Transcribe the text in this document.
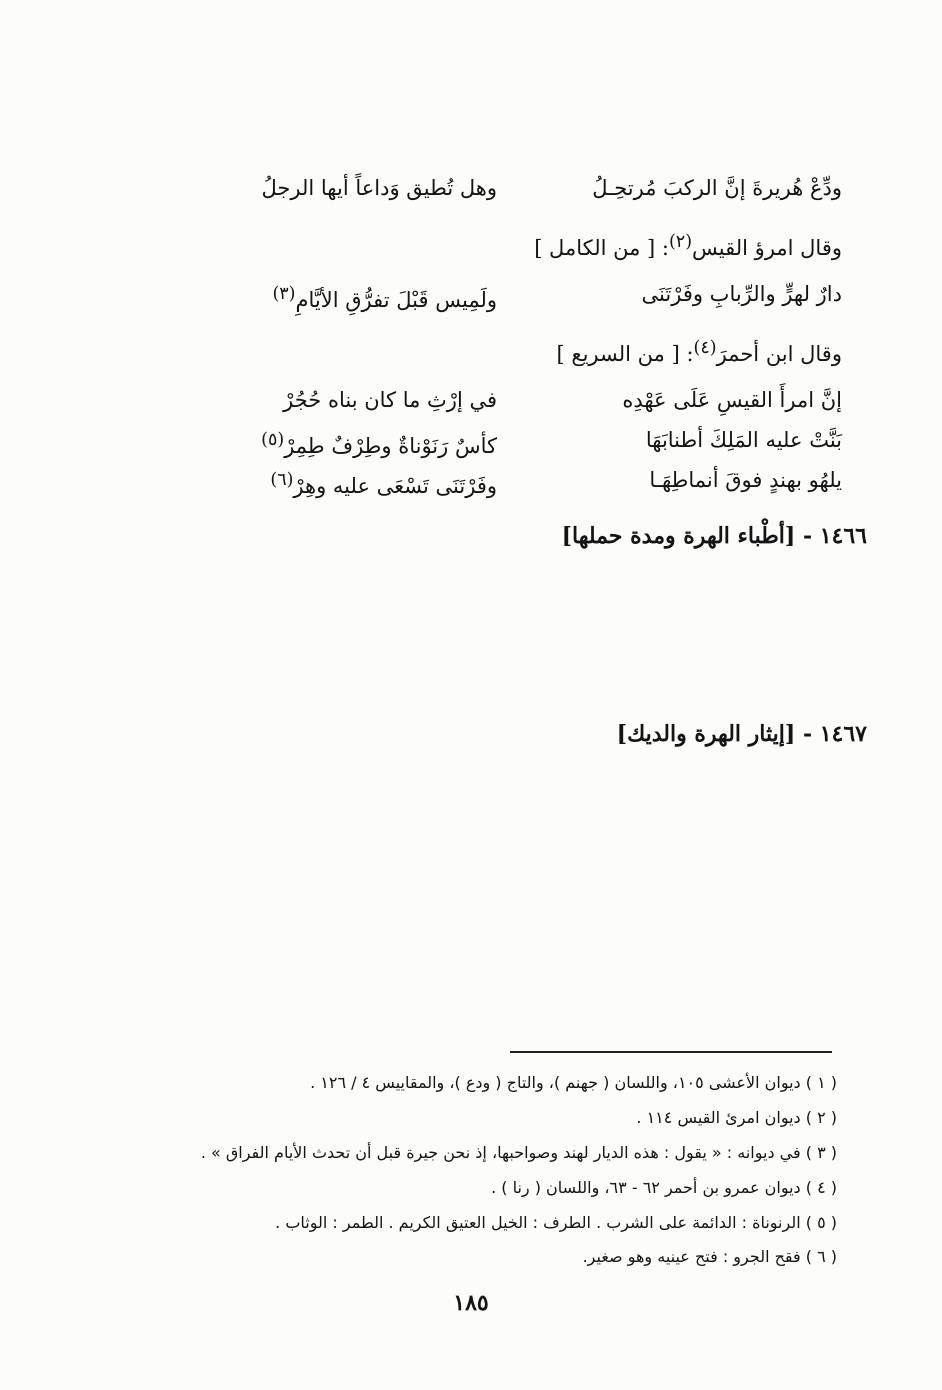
ودِّعْ هُريرةَ إنَّ الركبَ مُرتحِـلُ
وهل تُطيق وَداعاً أيها الرجلُ
وقال امرؤ القيس$^{(٢)}$: [ من الكامل ]
دارٌ لهرٍّ والرِّبابِ وفَرْتَنَى
ولَمِيس قَبْلَ تفرُّقِ الأيَّامِ$^{(٣)}$
وقال ابن أحمرَ$^{(٤)}$: [ من السريع ]
إنَّ امرأَ القيسِ عَلَى عَهْدِه
في إرْثِ ما كان بناه حُجُرْ
بَنَّتْ عليه المَلِكَ أطنابَهَا
كأسٌ رَنَوْناةٌ وطِرْفٌ طِمِرْ$^{(٥)}$
يلهُو بهندٍ فوقَ أنماطِهَـا
وفَرْتَنَى تَسْعَى عليه وهِرْ$^{(٦)}$
١٤٦٦ - [أطْباء الهرة ومدة حملها]
١٤٦٧ - [إيثار الهرة والديك]
( ١ ) ديوان الأعشى ١٠٥، واللسان ( جهنم )، والتاج ( ودع )، والمقاييس ٤ / ١٢٦ .
( ٢ ) ديوان امرئ القيس ١١٤ .
( ٣ ) في ديوانه : « يقول : هذه الديار لهند وصواحبها، إذ نحن جيرة قبل أن تحدث الأيام الفراق » .
( ٤ ) ديوان عمرو بن أحمر ٦٢ - ٦٣، واللسان ( رنا ) .
( ٥ ) الرنوناة : الدائمة على الشرب . الطرف : الخيل العتيق الكريم . الطمر : الوثاب .
( ٦ ) فقح الجرو : فتح عينيه وهو صغير.
١٨٥
